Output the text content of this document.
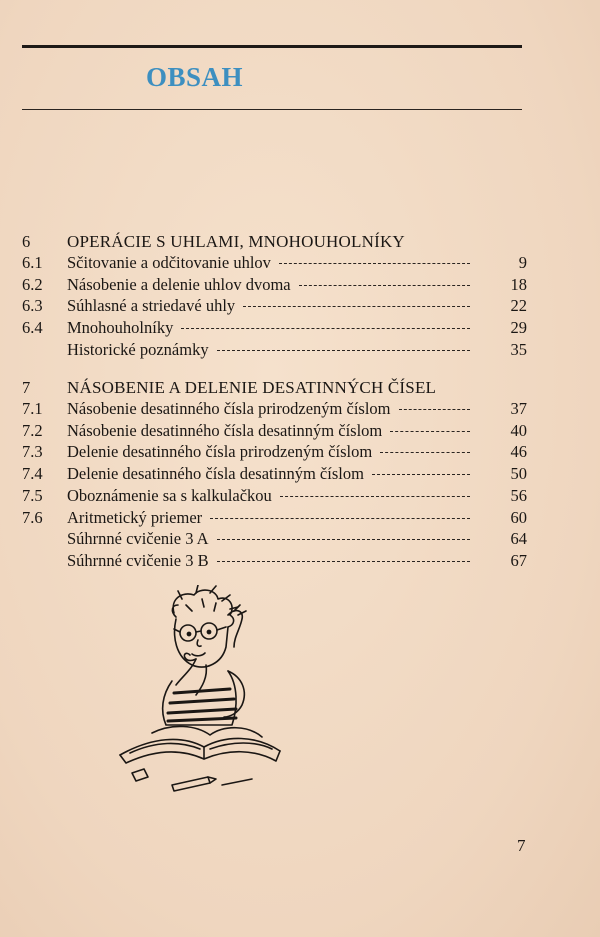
OBSAH
6 OPERÁCIE S UHLAMI, MNOHOUHOLNÍKY
6.1 Sčitovanie a odčitovanie uhlov	9
6.2 Násobenie a delenie uhlov dvoma	18
6.3 Súhlasné a striedavé uhly	22
6.4 Mnohouholníky	29
Historické poznámky	35
7 NÁSOBENIE A DELENIE DESATINNÝCH ČÍSEL
7.1 Násobenie desatinného čísla prirodzeným číslom	37
7.2 Násobenie desatinného čísla desatinným číslom	40
7.3 Delenie desatinného čísla prirodzeným číslom	46
7.4 Delenie desatinného čísla desatinným číslom	50
7.5 Oboznámenie sa s kalkulačkou	56
7.6 Aritmetický priemer	60
Súhrnné cvičenie 3 A	64
Súhrnné cvičenie 3 B	67
7
